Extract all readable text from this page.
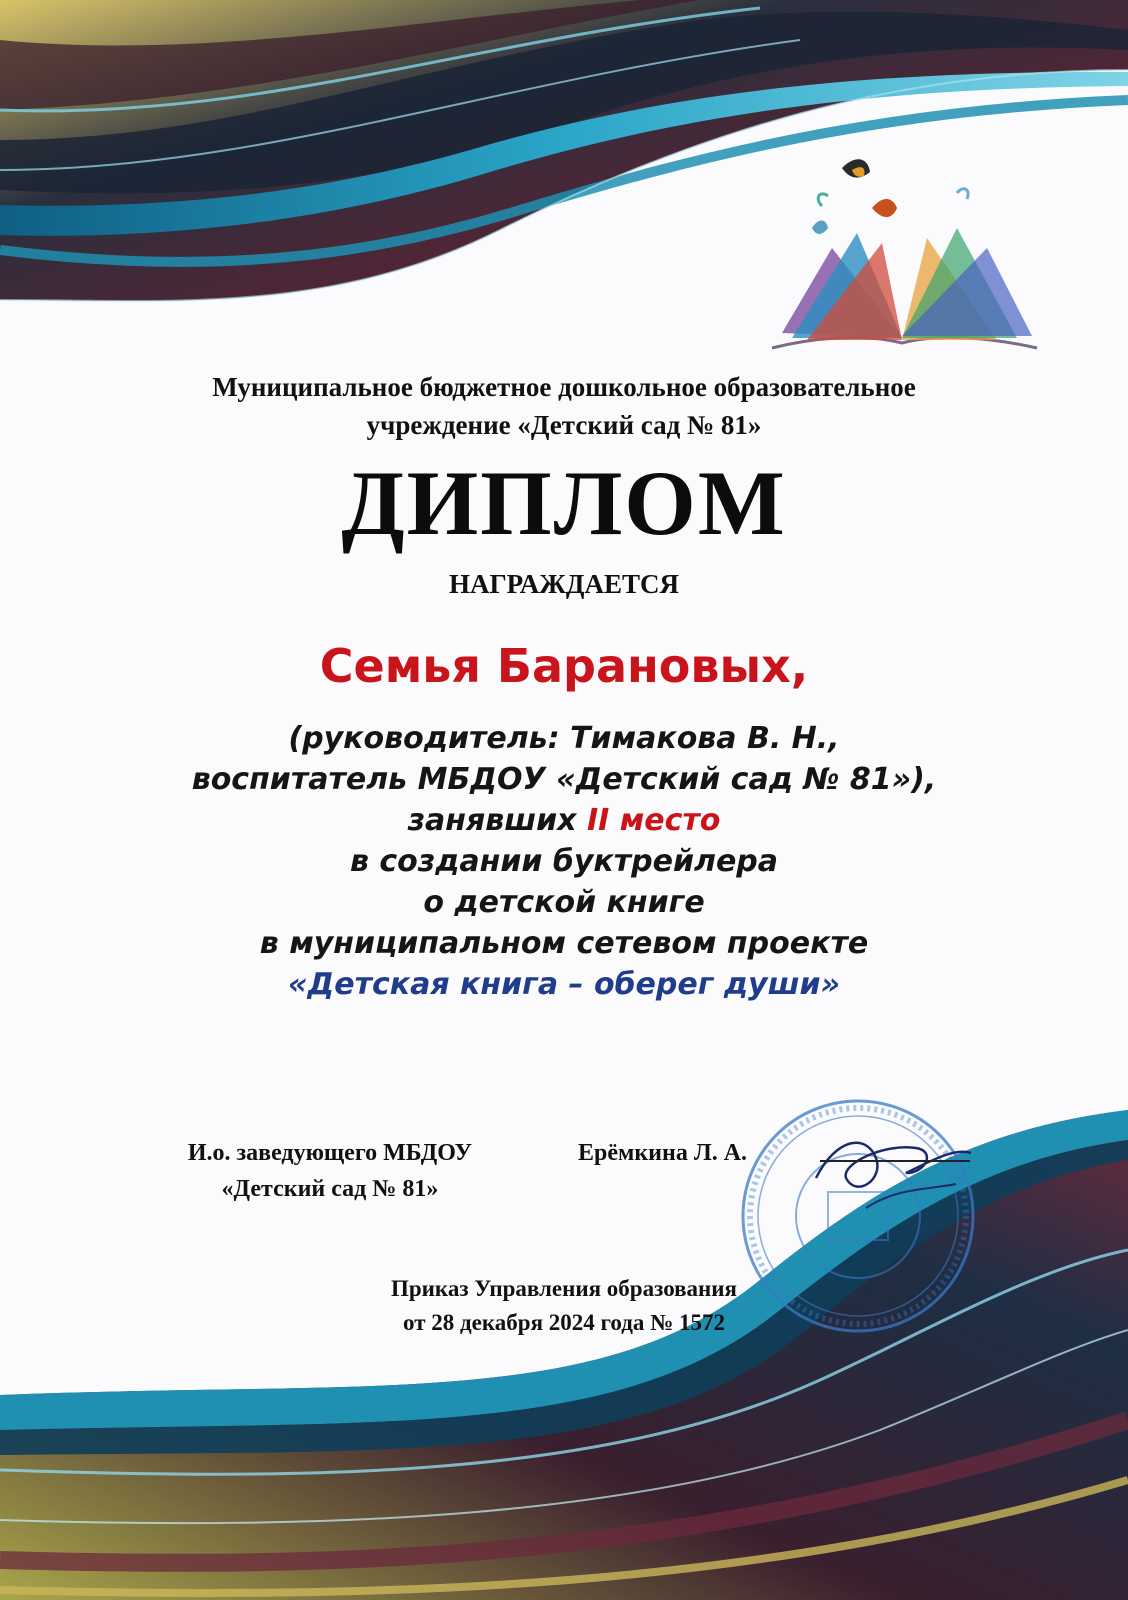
Муниципальное бюджетное дошкольное образовательное
учреждение «Детский сад № 81»
ДИПЛОМ
НАГРАЖДАЕТСЯ
Семья Барановых,
(руководитель: Тимакова В. Н.,
воспитатель МБДОУ «Детский сад № 81»),
занявших II место
в создании буктрейлера
о детской книге
в муниципальном сетевом проекте
«Детская книга – оберег души»
И.о. заведующего МБДОУ
«Детский сад № 81»
Ерёмкина Л. А.
Приказ Управления образования
от 28 декабря 2024 года № 1572
